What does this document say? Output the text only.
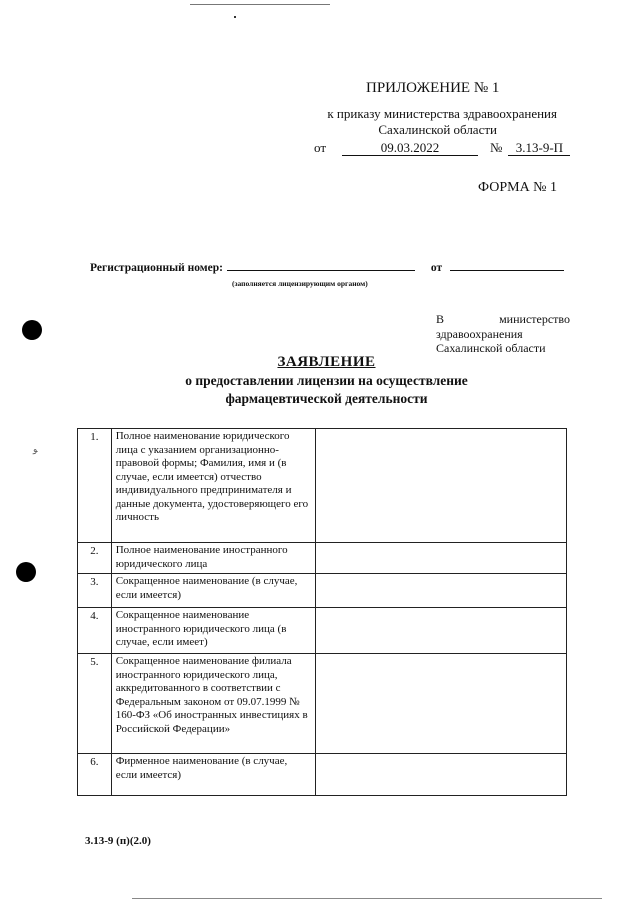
ﻮ
ПРИЛОЖЕНИЕ № 1
к приказу министерства здравоохранения
Сахалинской области
от	09.03.2022	№	3.13-9-П
ФОРМА № 1
Регистрационный номер:	от
(заполняется лицензирующим органом)
В министерство здравоохранения Сахалинской области
ЗАЯВЛЕНИЕ
о предоставлении лицензии на осуществление
фармацевтической деятельности
1.	Полное наименование юридического лица с указанием организационно-правовой формы; Фамилия, имя и (в случае, если имеется) отчество индивидуального предпринимателя и данные документа, удостоверяющего его личность	
2.	Полное наименование иностранного юридического лица	
3.	Сокращенное наименование (в случае, если имеется)	
4.	Сокращенное наименование иностранного юридического лица (в случае, если имеет)	
5.	Сокращенное наименование филиала иностранного юридического лица, аккредитованного в соответствии с Федеральным законом от 09.07.1999 № 160-ФЗ «Об иностранных инвестициях в Российской Федерации»	
6.	Фирменное наименование (в случае, если имеется)	
3.13-9 (п)(2.0)
